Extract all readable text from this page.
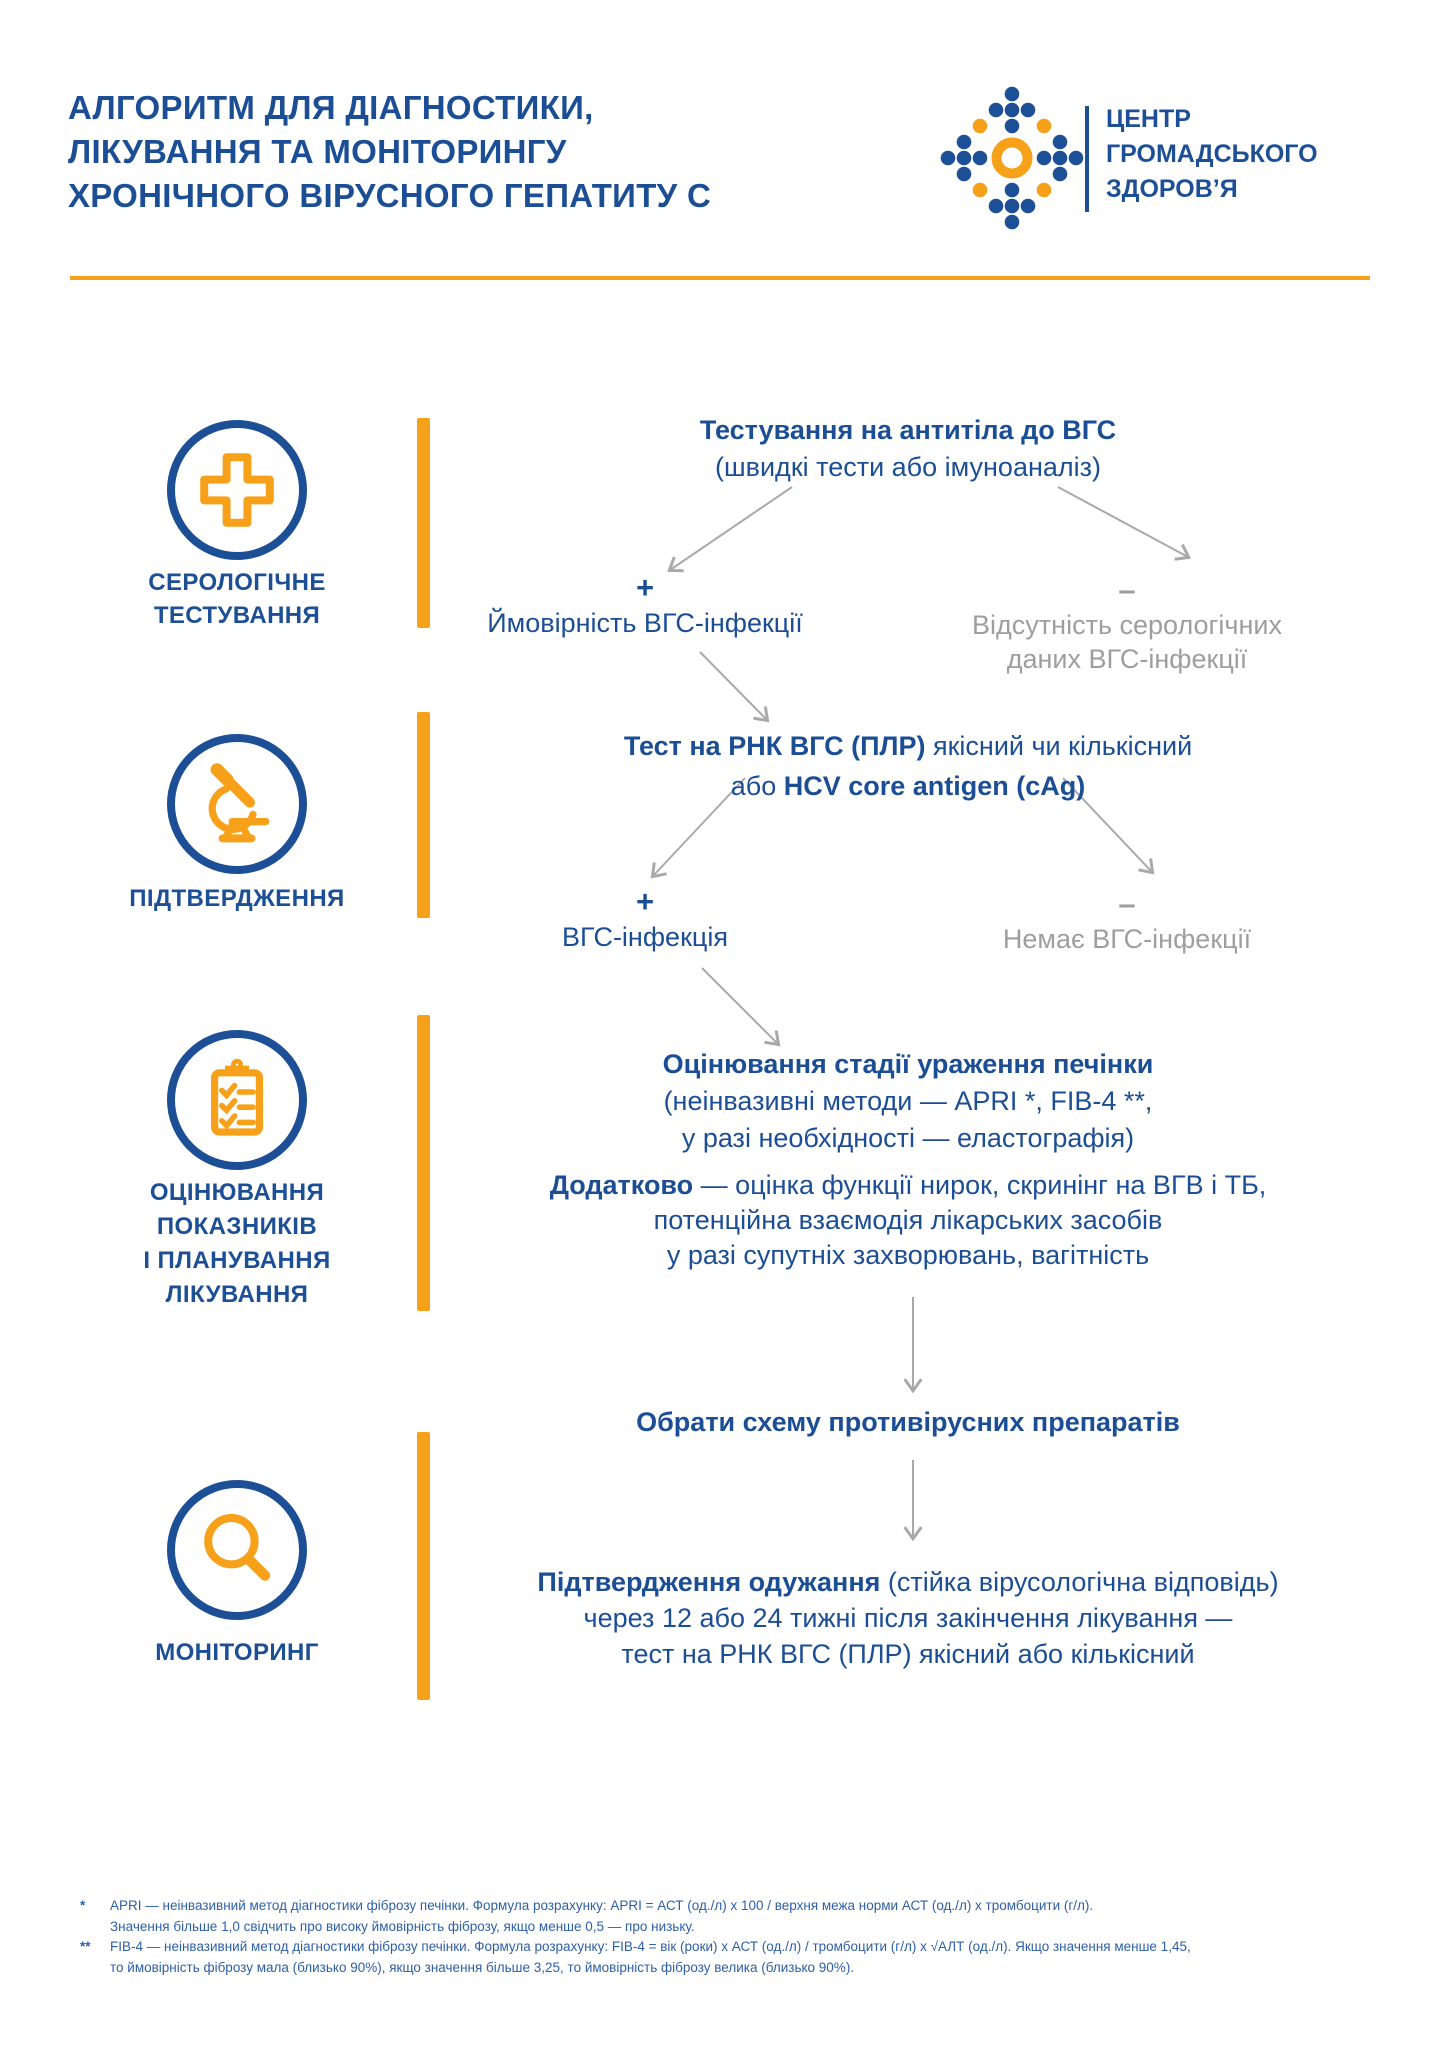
АЛГОРИТМ ДЛЯ ДІАГНОСТИКИ,
ЛІКУВАННЯ ТА МОНІТОРИНГУ
ХРОНІЧНОГО ВІРУСНОГО ГЕПАТИТУ С
ЦЕНТР
ГРОМАДСЬКОГО
ЗДОРОВ’Я
СЕРОЛОГІЧНЕ
ТЕСТУВАННЯ
ПІДТВЕРДЖЕННЯ
ОЦІНЮВАННЯ
ПОКАЗНИКІВ
І ПЛАНУВАННЯ
ЛІКУВАННЯ
МОНІТОРИНГ
Тестування на антитіла до ВГС
(швидкі тести або імуноаналіз)
+
Ймовірність ВГС-інфекції
–
Відсутність серологічних
даних ВГС-інфекції
Тест на РНК ВГС (ПЛР) якісний чи кількісний
або HCV core antigen (cAg)
+
ВГС-інфекція
–
Немає ВГС-інфекції
Оцінювання стадії ураження печінки
(неінвазивні методи — APRI *, FIB-4 **,
у разі необхідності — еластографія)
Додатково — оцінка функції нирок, скринінг на ВГВ і ТБ,
потенційна взаємодія лікарських засобів
у разі супутніх захворювань, вагітність
Обрати схему противірусних препаратів
Підтвердження одужання (стійка вірусологічна відповідь)
через 12 або 24 тижні після закінчення лікування —
тест на РНК ВГС (ПЛР) якісний або кількісний
*	APRI — неінвазивний метод діагностики фіброзу печінки. Формула розрахунку: APRI = АСТ (од./л) х 100 / верхня межа норми АСТ (од./л) х тромбоцити (г/л).
Значення більше 1,0 свідчить про високу ймовірність фіброзу, якщо менше 0,5 — про низьку.
**	FIB-4 — неінвазивний метод діагностики фіброзу печінки. Формула розрахунку: FIB-4 = вік (роки) х АСТ (од./л) / тромбоцити (г/л) х √АЛТ (од./л). Якщо значення менше 1,45,
то ймовірність фіброзу мала (близько 90%), якщо значення більше 3,25, то ймовірність фіброзу велика (близько 90%).
